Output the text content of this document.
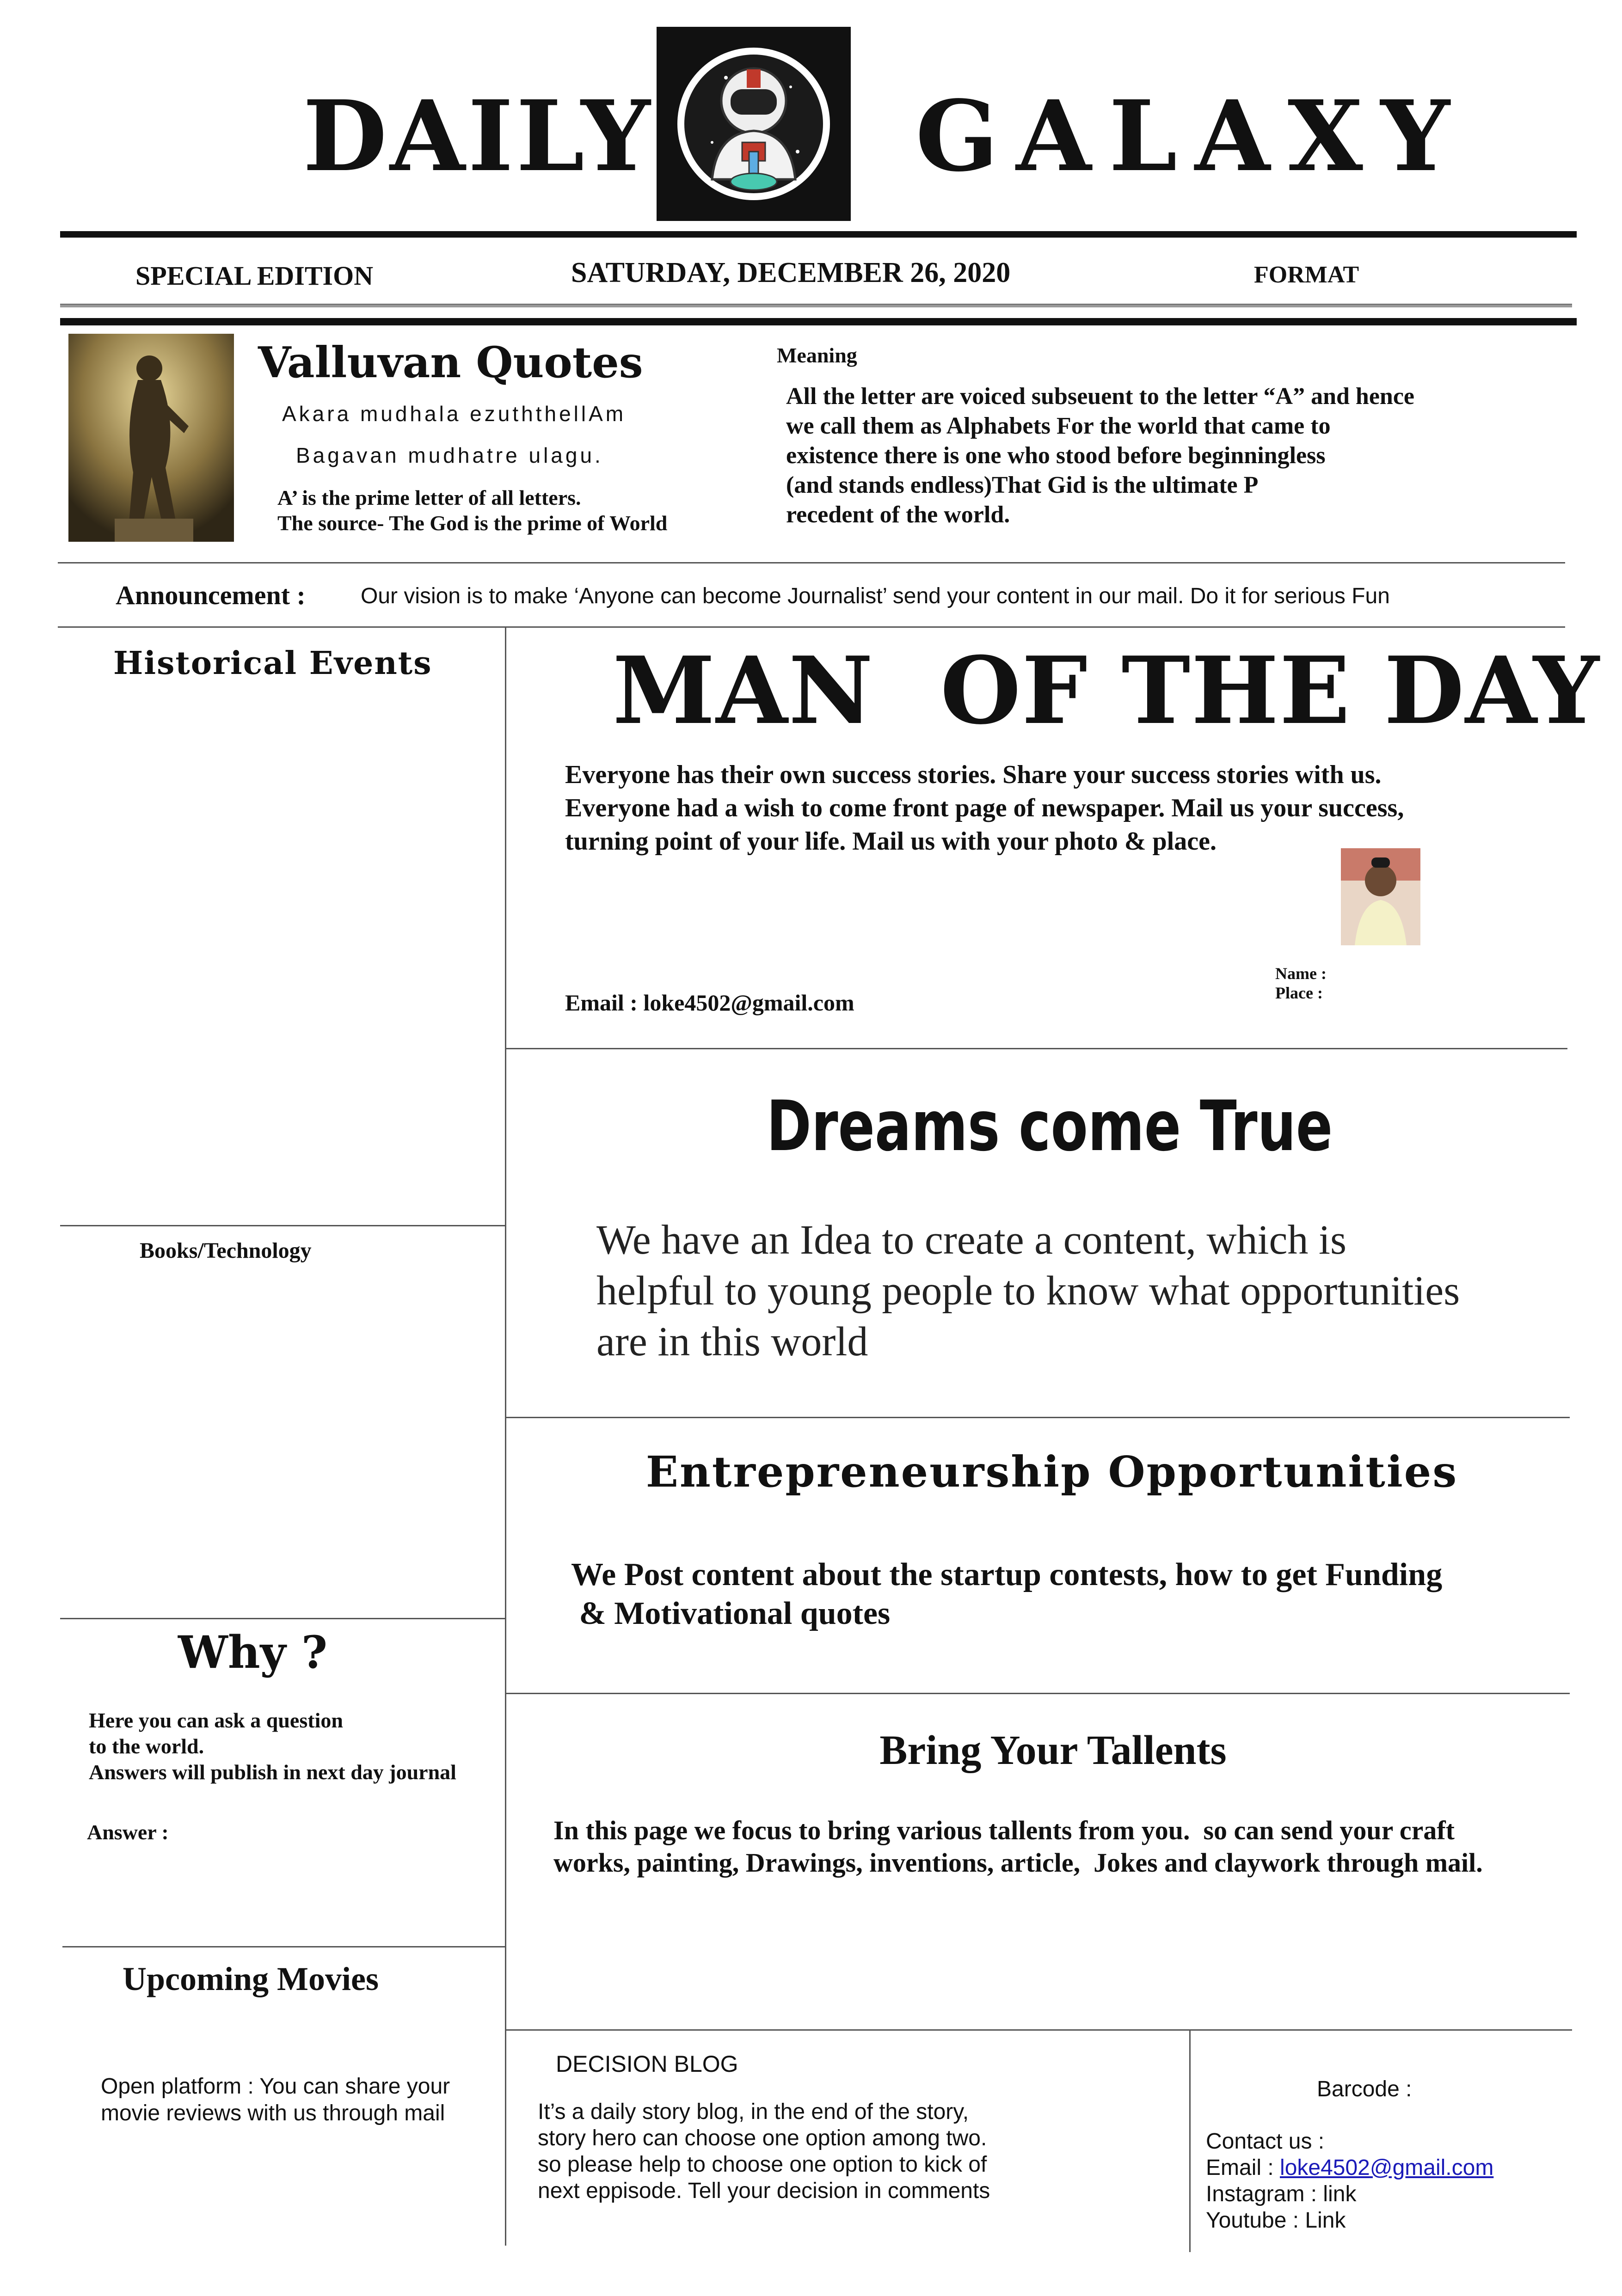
DAILY	GALAXY
SPECIAL EDITION	SATURDAY, DECEMBER 26, 2020	FORMAT
Valluvan Quotes
Akara mudhala ezuththellAm
Bagavan mudhatre ulagu.
A’ is the prime letter of all letters.
The source- The God is the prime of World
Meaning
All the letter are voiced subseuent to the letter “A” and hence
we call them as Alphabets For the world that came to
existence there is one who stood before beginningless
(and stands endless)That Gid is the ultimate P
recedent of the world.
Announcement : Our vision is to make ‘Anyone can become Journalist’ send your content in our mail. Do it for serious Fun
Historical Events
Books/Technology
Why ?
Here you can ask a question
to the world.
Answers will publish in next day journal
Answer :
Upcoming Movies
Open platform : You can share your
movie reviews with us through mail
MAN  OF THE DAY
Everyone has their own success stories. Share your success stories with us.
Everyone had a wish to come front page of newspaper. Mail us your success,
turning point of your life. Mail us with your photo & place.
Name :
Place :
Email : loke4502@gmail.com
Dreams come True
We have an Idea to create a content, which is
helpful to young people to know what opportunities
are in this world
Entrepreneurship Opportunities
We Post content about the startup contests, how to get Funding
& Motivational quotes
Bring Your Tallents
In this page we focus to bring various tallents from you.  so can send your craft
works, painting, Drawings, inventions, article,  Jokes and claywork through mail.
DECISION BLOG
It’s a daily story blog, in the end of the story,
story hero can choose one option among two.
so please help to choose one option to kick of
next eppisode. Tell your decision in comments
Barcode :
Contact us :
Email : loke4502@gmail.com
Instagram : link
Youtube : Link
